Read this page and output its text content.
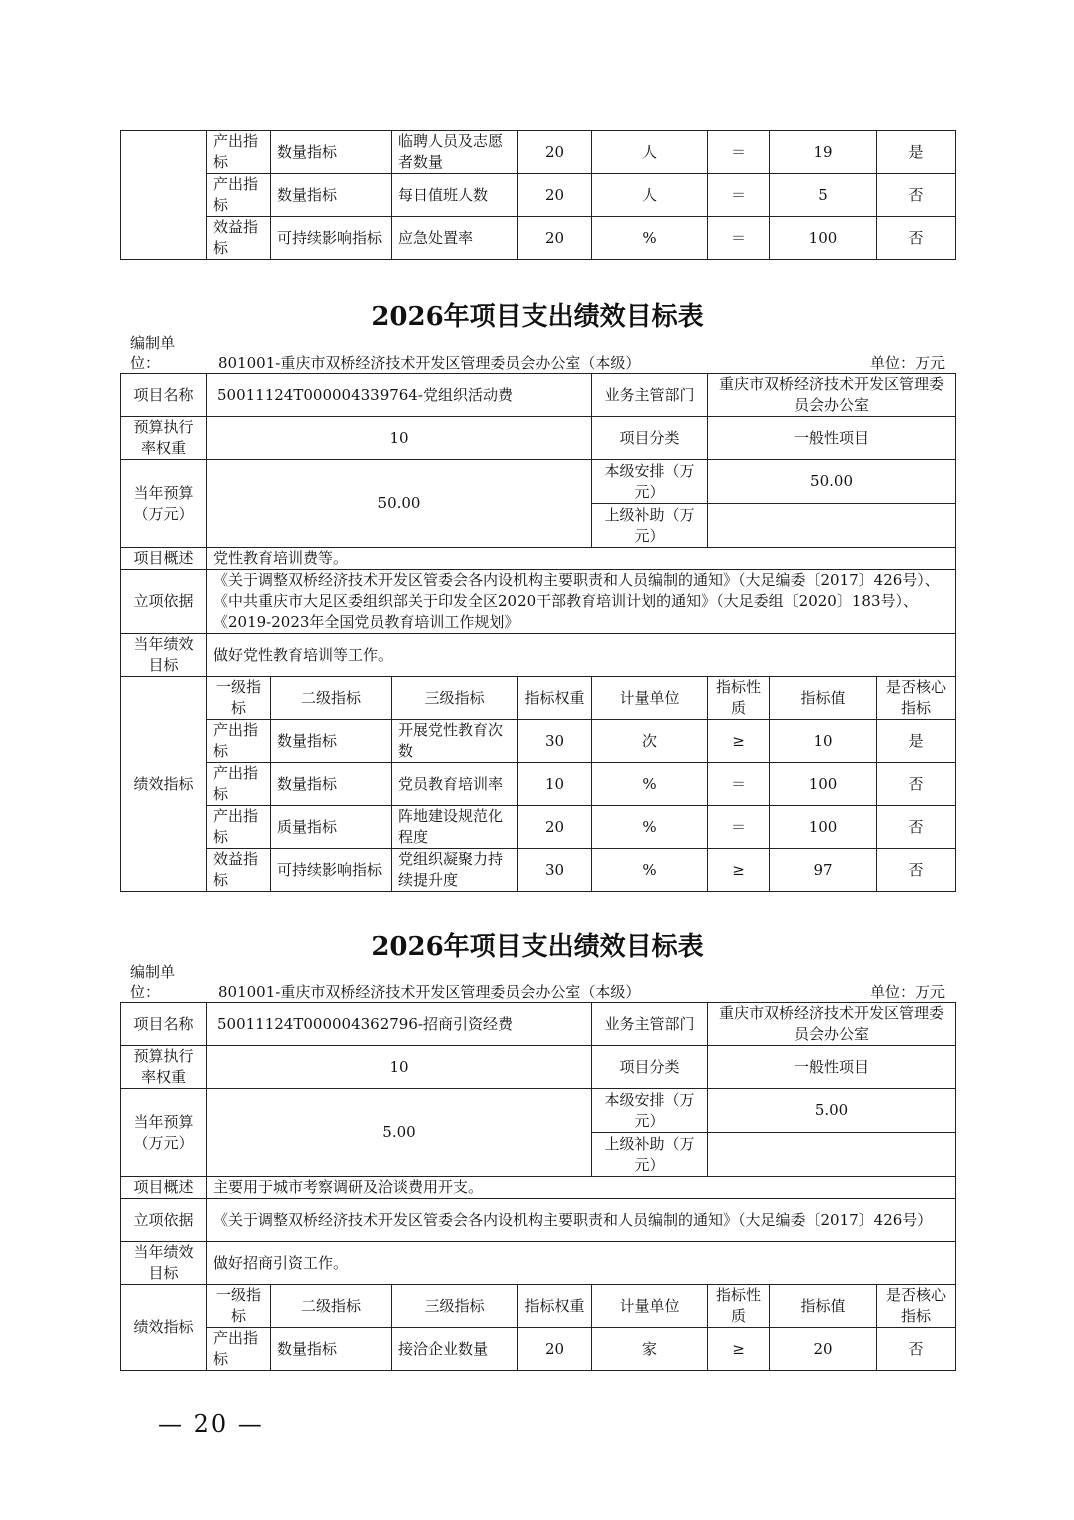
	产出指标	数量指标	临聘人员及志愿者数量	20	人	＝	19	是
	产出指标	数量指标	每日值班人数	20	人	＝	5	否
	效益指标	可持续影响指标	应急处置率	20	%	＝	100	否
2026年项目支出绩效目标表
编制单位：	801001-重庆市双桥经济技术开发区管理委员会办公室（本级）	单位：万元
项目名称	50011124T000004339764-党组织活动费				业务主管部门	重庆市双桥经济技术开发区管理委员会办公室		
预算执行率权重	10				项目分类	一般性项目		
当年预算（万元）	50.00				本级安排（万元）	50.00		
					上级补助（万元）			
项目概述	党性教育培训费等。							
立项依据	《关于调整双桥经济技术开发区管委会各内设机构主要职责和人员编制的通知》（大足编委〔2017〕426号）、 《中共重庆市大足区委组织部关于印发全区2020干部教育培训计划的通知》（大足委组〔2020〕183号）、 《2019-2023年全国党员教育培训工作规划》							
当年绩效目标	做好党性教育培训等工作。							
绩效指标	一级指标	二级指标	三级指标	指标权重	计量单位	指标性质	指标值	是否核心指标
	产出指标	数量指标	开展党性教育次数	30	次	≥	10	是
	产出指标	数量指标	党员教育培训率	10	%	＝	100	否
	产出指标	质量指标	阵地建设规范化程度	20	%	＝	100	否
	效益指标	可持续影响指标	党组织凝聚力持续提升度	30	%	≥	97	否
2026年项目支出绩效目标表
编制单位：	801001-重庆市双桥经济技术开发区管理委员会办公室（本级）	单位：万元
项目名称	50011124T000004362796-招商引资经费				业务主管部门	重庆市双桥经济技术开发区管理委员会办公室		
预算执行率权重	10				项目分类	一般性项目		
当年预算（万元）	5.00				本级安排（万元）	5.00		
					上级补助（万元）			
项目概述	主要用于城市考察调研及洽谈费用开支。							
立项依据	《关于调整双桥经济技术开发区管委会各内设机构主要职责和人员编制的通知》（大足编委〔2017〕426号）							
当年绩效目标	做好招商引资工作。							
绩效指标	一级指标	二级指标	三级指标	指标权重	计量单位	指标性质	指标值	是否核心指标
	产出指标	数量指标	接洽企业数量	20	家	≥	20	否
— 20 —
